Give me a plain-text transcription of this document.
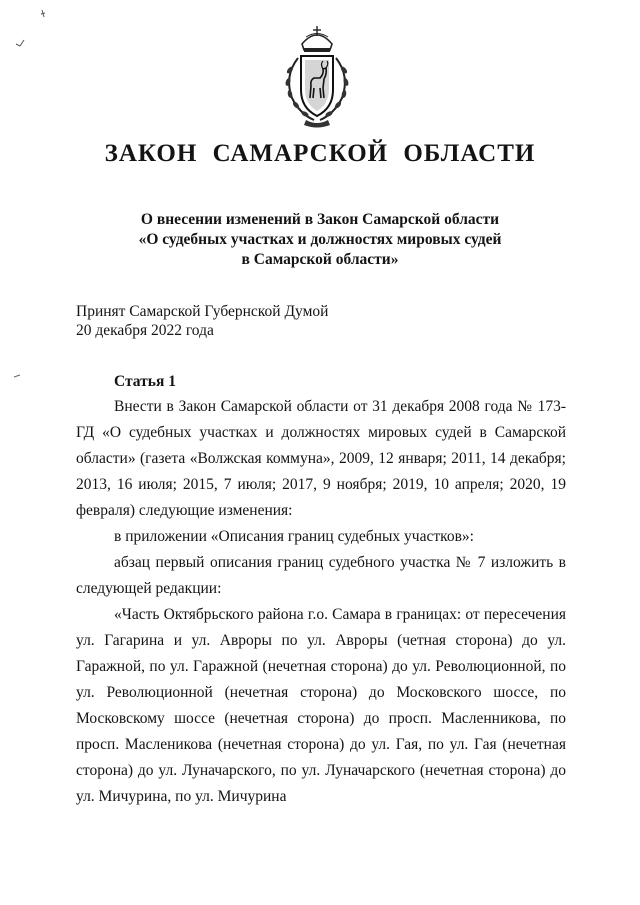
ЗАКОН САМАРСКОЙ ОБЛАСТИ
О внесении изменений в Закон Самарской области
«О судебных участках и должностях мировых судей
в Самарской области»
Принят Самарской Губернской Думой
20 декабря 2022 года
Статья 1

Внести в Закон Самарской области от 31 декабря 2008 года № 173-ГД «О судебных участках и должностях мировых судей в Самарской области» (газета «Волжская коммуна», 2009, 12 января; 2011, 14 декабря; 2013, 16 июля; 2015, 7 июля; 2017, 9 ноября; 2019, 10 апреля; 2020, 19 февраля) следующие изменения:

в приложении «Описания границ судебных участков»:

абзац первый описания границ судебного участка № 7 изложить в следующей редакции:

«Часть Октябрьского района г.о. Самара в границах: от пересечения ул. Гагарина и ул. Авроры по ул. Авроры (четная сторона) до ул. Гаражной, по ул. Гаражной (нечетная сторона) до ул. Революционной, по ул. Революционной (нечетная сторона) до Московского шоссе, по Московскому шоссе (нечетная сторона) до просп. Масленникова, по просп. Масленикова (нечетная сторона) до ул. Гая, по ул. Гая (нечетная сторона) до ул. Луначарского, по ул. Луначарского (нечетная сторона) до ул. Мичурина, по ул. Мичурина
